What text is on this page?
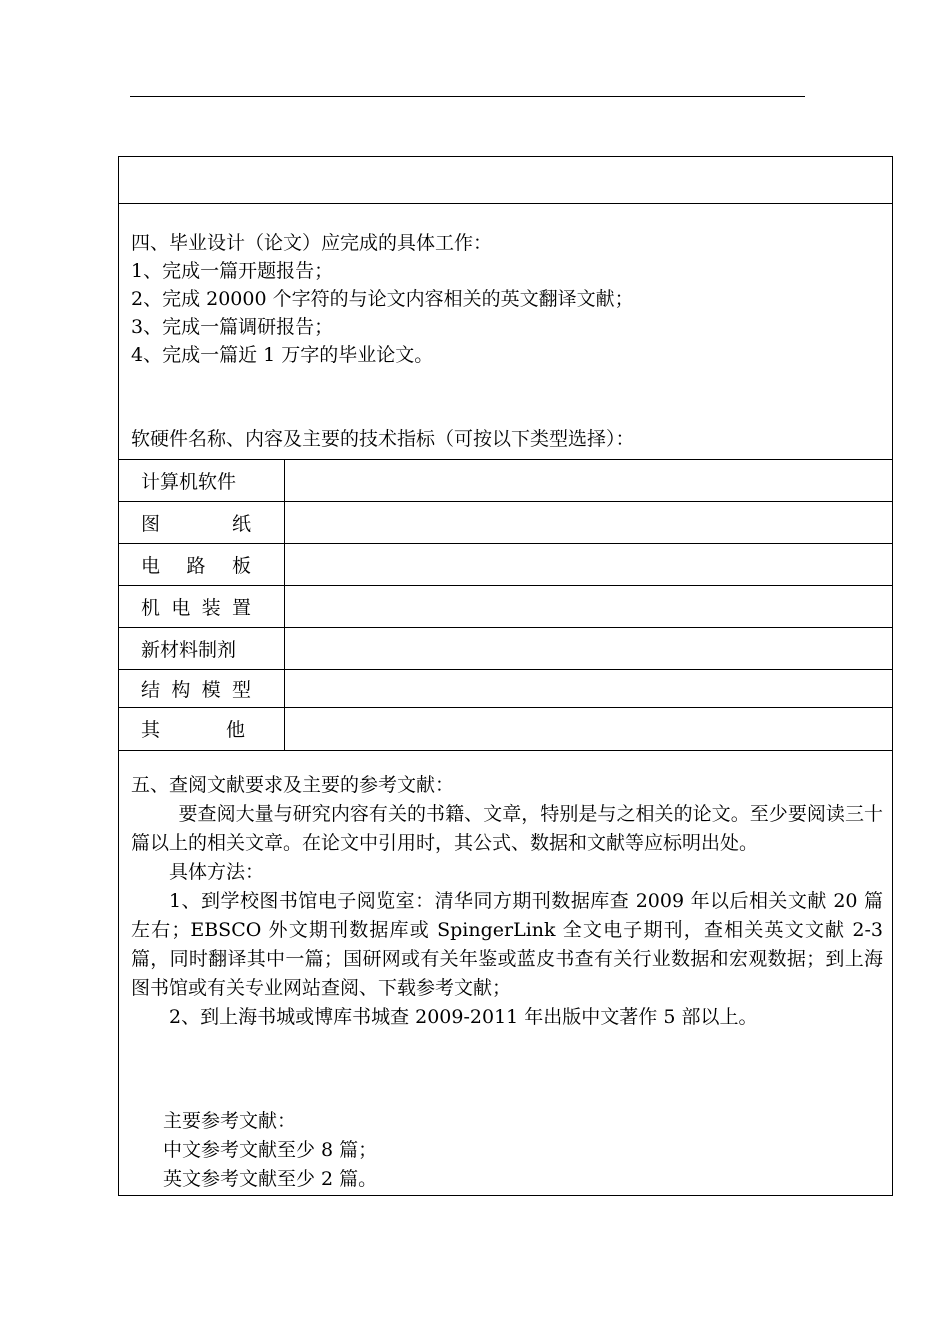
四、毕业设计（论文）应完成的具体工作：
1、完成一篇开题报告；
2、完成 20000 个字符的与论文内容相关的英文翻译文献；
3、完成一篇调研报告；
4、完成一篇近 1 万字的毕业论文。
软硬件名称、内容及主要的技术指标（可按以下类型选择）：
计算机软件
图	纸
电 路 板
机 电 装 置
新材料制剂
结 构 模 型
其	他
五、查阅文献要求及主要的参考文献：
要查阅大量与研究内容有关的书籍、文章，特别是与之相关的论文。至少要阅读三十篇以上的相关文章。在论文中引用时，其公式、数据和文献等应标明出处。
具体方法：
1、到学校图书馆电子阅览室：清华同方期刊数据库查 2009 年以后相关文献 20 篇左右；EBSCO 外文期刊数据库或 SpingerLink 全文电子期刊，查相关英文文献 2-3 篇，同时翻译其中一篇；国研网或有关年鉴或蓝皮书查有关行业数据和宏观数据；到上海图书馆或有关专业网站查阅、下载参考文献；
2、到上海书城或博库书城查 2009-2011 年出版中文著作 5 部以上。
主要参考文献：
中文参考文献至少 8 篇；
英文参考文献至少 2 篇。
